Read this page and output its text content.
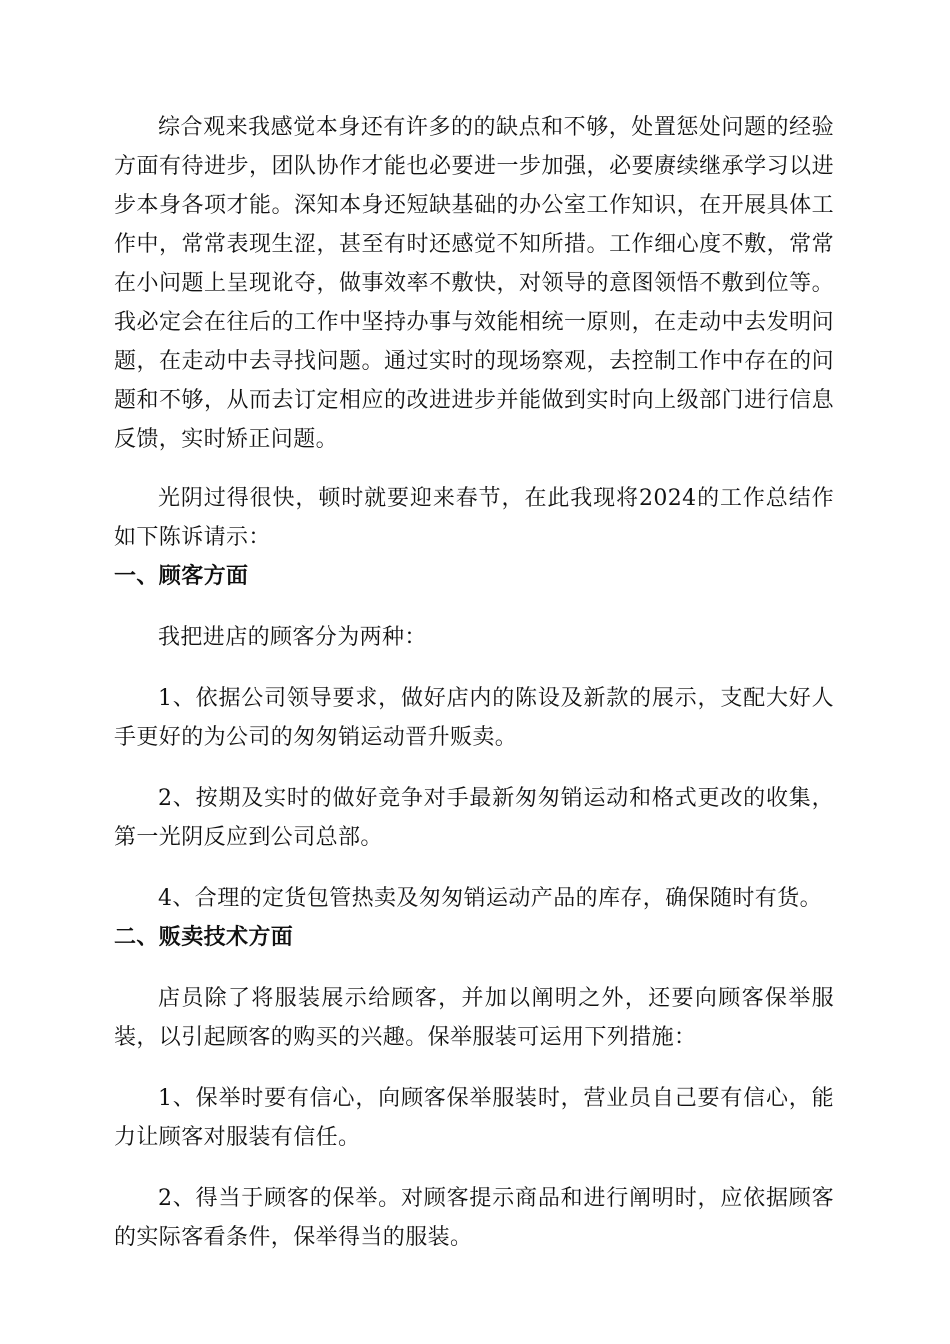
综合观来我感觉本身还有许多的的缺点和不够，处置惩处问题的经验方面有待进步，团队协作才能也必要进一步加强，必要赓续继承学习以进步本身各项才能。深知本身还短缺基础的办公室工作知识，在开展具体工作中，常常表现生涩，甚至有时还感觉不知所措。工作细心度不敷，常常在小问题上呈现讹夺，做事效率不敷快，对领导的意图领悟不敷到位等。我必定会在往后的工作中坚持办事与效能相统一原则，在走动中去发明问题，在走动中去寻找问题。通过实时的现场察观，去控制工作中存在的问题和不够，从而去订定相应的改进进步并能做到实时向上级部门进行信息反馈，实时矫正问题。

光阴过得很快，顿时就要迎来春节，在此我现将2024的工作总结作如下陈诉请示：

一、顾客方面

我把进店的顾客分为两种：

1、依据公司领导要求，做好店内的陈设及新款的展示，支配大好人手更好的为公司的匆匆销运动晋升贩卖。

2、按期及实时的做好竞争对手最新匆匆销运动和格式更改的收集，第一光阴反应到公司总部。

4、合理的定货包管热卖及匆匆销运动产品的库存，确保随时有货。

二、贩卖技术方面

店员除了将服装展示给顾客，并加以阐明之外，还要向顾客保举服装，以引起顾客的购买的兴趣。保举服装可运用下列措施：

1、保举时要有信心，向顾客保举服装时，营业员自己要有信心，能力让顾客对服装有信任。

2、得当于顾客的保举。对顾客提示商品和进行阐明时，应依据顾客的实际客看条件，保举得当的服装。
